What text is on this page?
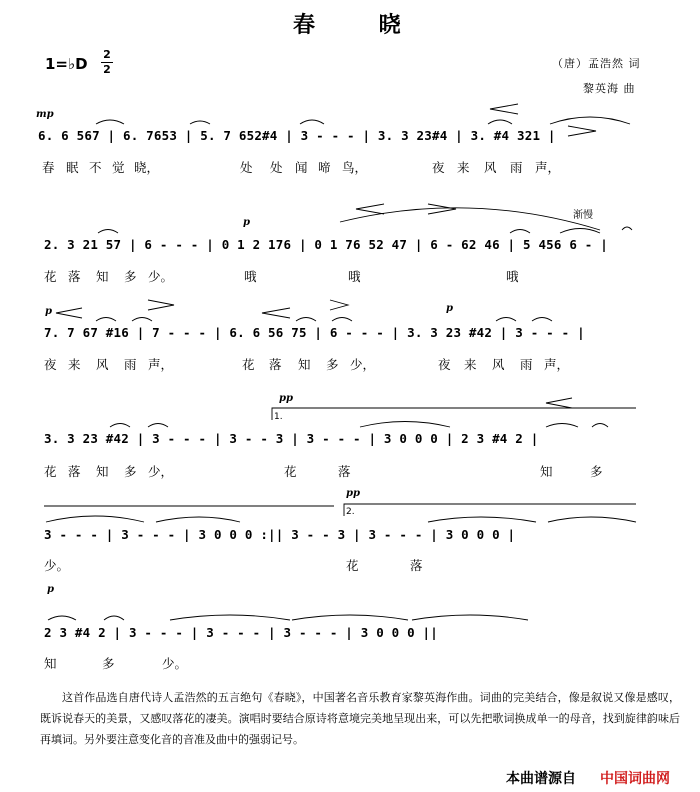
春 晓
1=♭D
2
2	（唐）孟浩然 词
黎英海 曲
mp
6. 6 567 | 6. 7653 | 5. 7 652#4 | 3 - - - | 3. 3 23#4 | 3. #4 321 |
春 眠 不 觉 晓，	处 处 闻 啼 鸟，	夜 来 风 雨 声，
p
渐慢
2. 3 21 57 | 6 - - - | 0 1 2 176 | 0 1 76 52 47 | 6 - 62 46 | 5 456 6 - |
花 落 知 多 少。	哦	哦	哦
p	p
7. 7 67 #16 | 7 - - - | 6. 6 56 75 | 6 - - - | 3. 3 23 #42 | 3 - - - |
夜 来 风 雨 声，	花 落 知 多 少，	夜 来 风 雨 声，
pp
1.
3. 3 23 #42 | 3 - - - | 3 - - 3 | 3 - - - | 3 0 0 0 | 2 3 #4 2 |
花 落 知 多 少，	花	落	知	多
pp
2.
3 - - - | 3 - - - | 3 0 0 0 :|| 3 - - 3 | 3 - - - | 3 0 0 0 |
少。	花	落
p
2 3 #4 2 | 3 - - - | 3 - - - | 3 - - - | 3 0 0 0 ||
知	多	少。

这首作品选自唐代诗人孟浩然的五言绝句《春晓》，中国著名音乐教育家黎英海作曲。词曲的完美结合，像是叙说又像是感叹，既诉说春天的美景，又感叹落花的凄美。演唱时要结合原诗将意境完美地呈现出来，可以先把歌词换成单一的母音，找到旋律韵味后再填词。另外要注意变化音的音准及曲中的强弱记号。

本曲谱源自 中国词曲网
